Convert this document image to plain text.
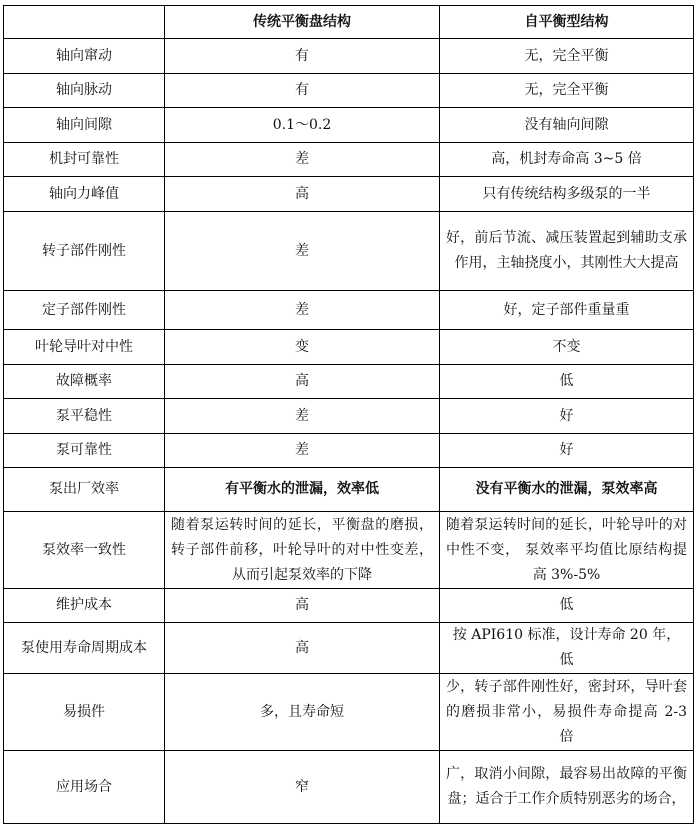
	传统平衡盘结构	自平衡型结构
轴向窜动	有	无，完全平衡
轴向脉动	有	无，完全平衡
轴向间隙	0.1～0.2	没有轴向间隙
机封可靠性	差	高，机封寿命高 3~5 倍
轴向力峰值	高	只有传统结构多级泵的一半
转子部件刚性	差	好，前后节流、减压装置起到辅助支承作用，主轴挠度小，其刚性大大提高
定子部件刚性	差	好，定子部件重量重
叶轮导叶对中性	变	不变
故障概率	高	低
泵平稳性	差	好
泵可靠性	差	好
泵出厂效率	有平衡水的泄漏，效率低	没有平衡水的泄漏，泵效率高
泵效率一致性	随着泵运转时间的延长，平衡盘的磨损，转子部件前移，叶轮导叶的对中性变差，从而引起泵效率的下降	随着泵运转时间的延长，叶轮导叶的对中性不变， 泵效率平均值比原结构提高 3%-5%
维护成本	高	低
泵使用寿命周期成本	高	按 API610 标准，设计寿命 20 年，低
易损件	多，且寿命短	少，转子部件刚性好，密封环，导叶套的磨损非常小，易损件寿命提高 2-3 倍
应用场合	窄	广，取消小间隙，最容易出故障的平衡盘；适合于工作介质特别恶劣的场合，
